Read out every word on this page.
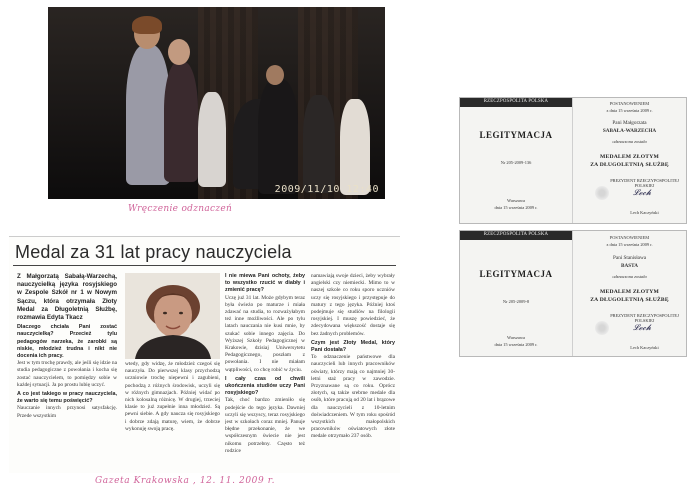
2009/11/10 12:40
Wręczenie odznaczeń
Medal za 31 lat pracy nauczyciela
Z Małgorzatą Sabałą-Warzechą, nauczycielką języka rosyjskiego w Zespole Szkół nr 1 w Nowym Sączu, która otrzymała Złoty Medal za Długoletnią Służbę, rozmawia Edyta Tkacz
Dlaczego chciała Pani zostać nauczycielką? Przecież tylu pedagogów narzeka, że zarobki są niskie, młodzież trudna i nikt nie docenia ich pracy.
Jest w tym trochę prawdy, ale jeśli się idzie na studia pedagogiczne z powołania i kocha się zostać nauczycielem, to pomiędzy sobie w każdej sytuacji. Ja po prostu lubię uczyć.
A co jest takiego w pracy nauczyciela, że warto się temu poświęcić?
Nauczanie innych przynosi satysfakcję. Przede wszystkim
wtedy, gdy widzę, że młodzież czegoś się nauczyła. Do pierwszej klasy przychodzą uczniowie trochę niepewni i zagubieni, pochodzą z różnych środowisk, uczyli się w różnych gimnazjach. Później widać po nich kolosalną różnicę. W drugiej, trzeciej klasie to już zupełnie inna młodzież. Są pewni siebie. A gdy naucza się rosyjskiego i dobrze zdają maturę, wiem, że dobrze wykonuję swoją pracę.
I nie miewa Pani ochoty, żeby to wszystko rzucić w diabły i zmienić pracę?
Uczę już 31 lat. Może gdybym teraz była świeżo po maturze i miała zdawać na studia, to rozważyłabym też inne możliwości. Ale po tylu latach nauczania nie kusi mnie, by szukać sobie innego zajęcia. Do Wyższej Szkoły Pedagogicznej w Krakowie, dzisiaj Uniwersytetu Pedagogicznego, poszłam z powołania. I nie miałam wątpliwości, co chcę robić w życiu.
I cały czas od chwili ukończenia studiów uczy Pani rosyjskiego?
Tak, choć bardzo zmieniło się podejście do tego języka. Dawniej uczyli się wszyscy, teraz rosyjskiego jest w szkołach coraz mniej. Panuje błędne przekonanie, że we współczesnym świecie nie jest nikomu potrzebny. Często też rodzice
namawiają swoje dzieci, żeby wybrały angielski czy niemiecki. Mimo to w naszej szkole co roku sporo uczniów uczy się rosyjskiego i przystępuje do matury z tego języka. Później ktoś podejmuje się studiów na filologii rosyjskiej. I muszę powiedzieć, że zdecydowana większość dostaje się bez żadnych problemów.
Czym jest Złoty Medal, który Pani dostała?
To odznaczenie państwowe dla nauczycieli lub innych pracowników oświaty, którzy mają co najmniej 30-letni staż pracy w zawodzie. Przyznawane są co roku. Oprócz złotych, są także srebrne medale dla osób, które pracują od 20 lat i brązowe dla nauczycieli z 10-letnim doświadczeniem. W tym roku spośród wszystkich małopolskich pracowników oświatowych złote medale otrzymało 237 osób.
Gazeta Krakowska , 12. 11. 2009 r.
RZECZPOSPOLITA POLSKA
LEGITYMACJA
Nr 205-2009-136
Warszawa
dnia 15 września 2009 r.
POSTANOWIENIEM
z dnia 15 września 2009 r.
Pani Małgorzata
SABAŁA-WARZECHA
odznaczona została
MEDALEM ZŁOTYM
ZA DŁUGOLETNIĄ SŁUŻBĘ
PREZYDENT RZECZYPOSPOLITEJ POLSKIEJ
𝓛𝓮𝓬𝓱
Lech Kaczyński
RZECZPOSPOLITA POLSKA
LEGITYMACJA
Nr 205-2009-8
Warszawa
dnia 15 września 2009 r.
POSTANOWIENIEM
z dnia 15 września 2009 r.
Pani Stanisława
BASTA
odznaczona została
MEDALEM ZŁOTYM
ZA DŁUGOLETNIĄ SŁUŻBĘ
PREZYDENT RZECZYPOSPOLITEJ POLSKIEJ
𝓛𝓮𝓬𝓱
Lech Kaczyński
